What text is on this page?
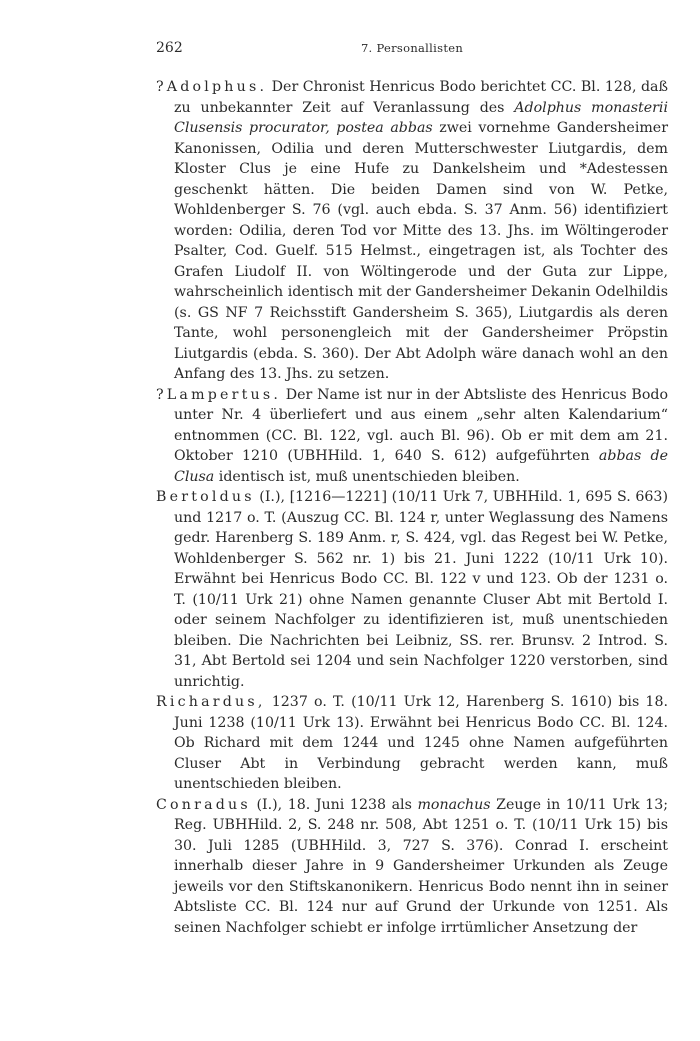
262	7. Personallisten

?Adolphus. Der Chronist Henricus Bodo berichtet CC. Bl. 128, daß zu unbekannter Zeit auf Veranlassung des Adolphus monasterii Clusensis procurator, postea abbas zwei vornehme Gandersheimer Kanonissen, Odilia und deren Mutterschwester Liutgardis, dem Kloster Clus je eine Hufe zu Dankelsheim und *Adestessen geschenkt hätten. Die beiden Damen sind von W. Petke, Wohldenberger S. 76 (vgl. auch ebda. S. 37 Anm. 56) identifiziert worden: Odilia, deren Tod vor Mitte des 13. Jhs. im Wöltingeroder Psalter, Cod. Guelf. 515 Helmst., eingetragen ist, als Tochter des Grafen Liudolf II. von Wöltingerode und der Guta zur Lippe, wahrscheinlich identisch mit der Gandersheimer Dekanin Odelhildis (s. GS NF 7 Reichsstift Gandersheim S. 365), Liutgardis als deren Tante, wohl personengleich mit der Gandersheimer Pröpstin Liutgardis (ebda. S. 360). Der Abt Adolph wäre danach wohl an den Anfang des 13. Jhs. zu setzen.

?Lampertus. Der Name ist nur in der Abtsliste des Henricus Bodo unter Nr. 4 überliefert und aus einem „sehr alten Kalendarium“ entnommen (CC. Bl. 122, vgl. auch Bl. 96). Ob er mit dem am 21. Oktober 1210 (UBHHild. 1, 640 S. 612) aufgeführten abbas de Clusa identisch ist, muß unentschieden bleiben.

Bertoldus (I.), [1216—1221] (10/11 Urk 7, UBHHild. 1, 695 S. 663) und 1217 o. T. (Auszug CC. Bl. 124 r, unter Weglassung des Namens gedr. Harenberg S. 189 Anm. r, S. 424, vgl. das Regest bei W. Petke, Wohldenberger S. 562 nr. 1) bis 21. Juni 1222 (10/11 Urk 10). Erwähnt bei Henricus Bodo CC. Bl. 122 v und 123. Ob der 1231 o. T. (10/11 Urk 21) ohne Namen genannte Cluser Abt mit Bertold I. oder seinem Nachfolger zu identifizieren ist, muß unentschieden bleiben. Die Nachrichten bei Leibniz, SS. rer. Brunsv. 2 Introd. S. 31, Abt Bertold sei 1204 und sein Nachfolger 1220 verstorben, sind unrichtig.

Richardus, 1237 o. T. (10/11 Urk 12, Harenberg S. 1610) bis 18. Juni 1238 (10/11 Urk 13). Erwähnt bei Henricus Bodo CC. Bl. 124. Ob Richard mit dem 1244 und 1245 ohne Namen aufgeführten Cluser Abt in Verbindung gebracht werden kann, muß unentschieden bleiben.

Conradus (I.), 18. Juni 1238 als monachus Zeuge in 10/11 Urk 13; Reg. UBHHild. 2, S. 248 nr. 508, Abt 1251 o. T. (10/11 Urk 15) bis 30. Juli 1285 (UBHHild. 3, 727 S. 376). Conrad I. erscheint innerhalb dieser Jahre in 9 Gandersheimer Urkunden als Zeuge jeweils vor den Stiftskanonikern. Henricus Bodo nennt ihn in seiner Abtsliste CC. Bl. 124 nur auf Grund der Urkunde von 1251. Als seinen Nachfolger schiebt er infolge irrtümlicher Ansetzung der
